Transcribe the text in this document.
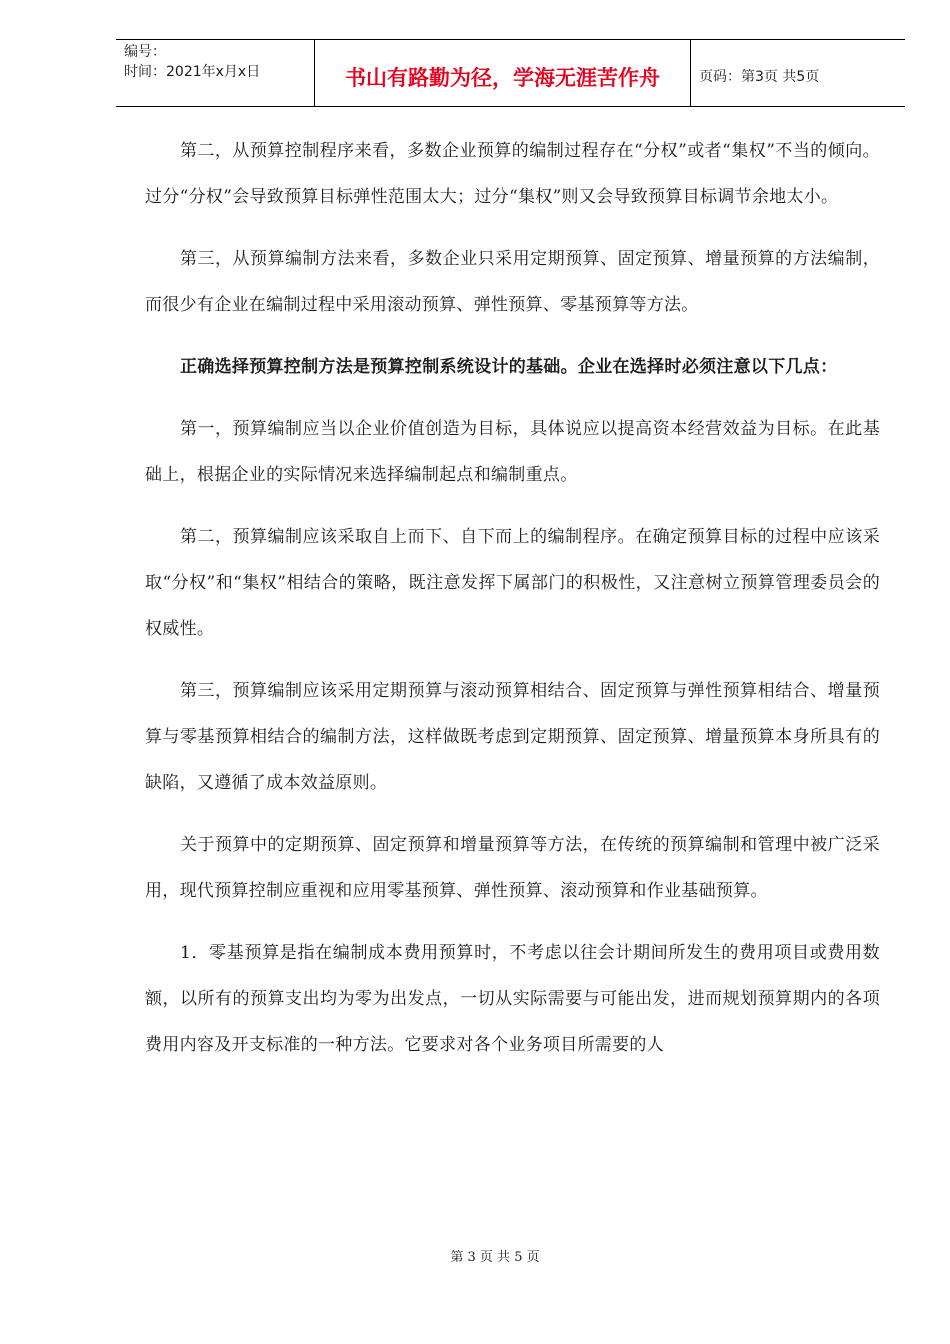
编号：
时间：2021年x月x日	书山有路勤为径，学海无涯苦作舟	页码：第3页 共5页

第二，从预算控制程序来看，多数企业预算的编制过程存在“分权”或者“集权”不当的倾向。过分“分权”会导致预算目标弹性范围太大；过分“集权”则又会导致预算目标调节余地太小。

第三，从预算编制方法来看，多数企业只采用定期预算、固定预算、增量预算的方法编制，而很少有企业在编制过程中采用滚动预算、弹性预算、零基预算等方法。

正确选择预算控制方法是预算控制系统设计的基础。企业在选择时必须注意以下几点：

第一，预算编制应当以企业价值创造为目标，具体说应以提高资本经营效益为目标。在此基础上，根据企业的实际情况来选择编制起点和编制重点。

第二，预算编制应该采取自上而下、自下而上的编制程序。在确定预算目标的过程中应该采取“分权”和“集权”相结合的策略，既注意发挥下属部门的积极性，又注意树立预算管理委员会的权威性。

第三，预算编制应该采用定期预算与滚动预算相结合、固定预算与弹性预算相结合、增量预算与零基预算相结合的编制方法，这样做既考虑到定期预算、固定预算、增量预算本身所具有的缺陷，又遵循了成本效益原则。

关于预算中的定期预算、固定预算和增量预算等方法，在传统的预算编制和管理中被广泛采用，现代预算控制应重视和应用零基预算、弹性预算、滚动预算和作业基础预算。

1．零基预算是指在编制成本费用预算时，不考虑以往会计期间所发生的费用项目或费用数额，以所有的预算支出均为零为出发点，一切从实际需要与可能出发，进而规划预算期内的各项费用内容及开支标准的一种方法。它要求对各个业务项目所需要的人

第 3 页 共 5 页
